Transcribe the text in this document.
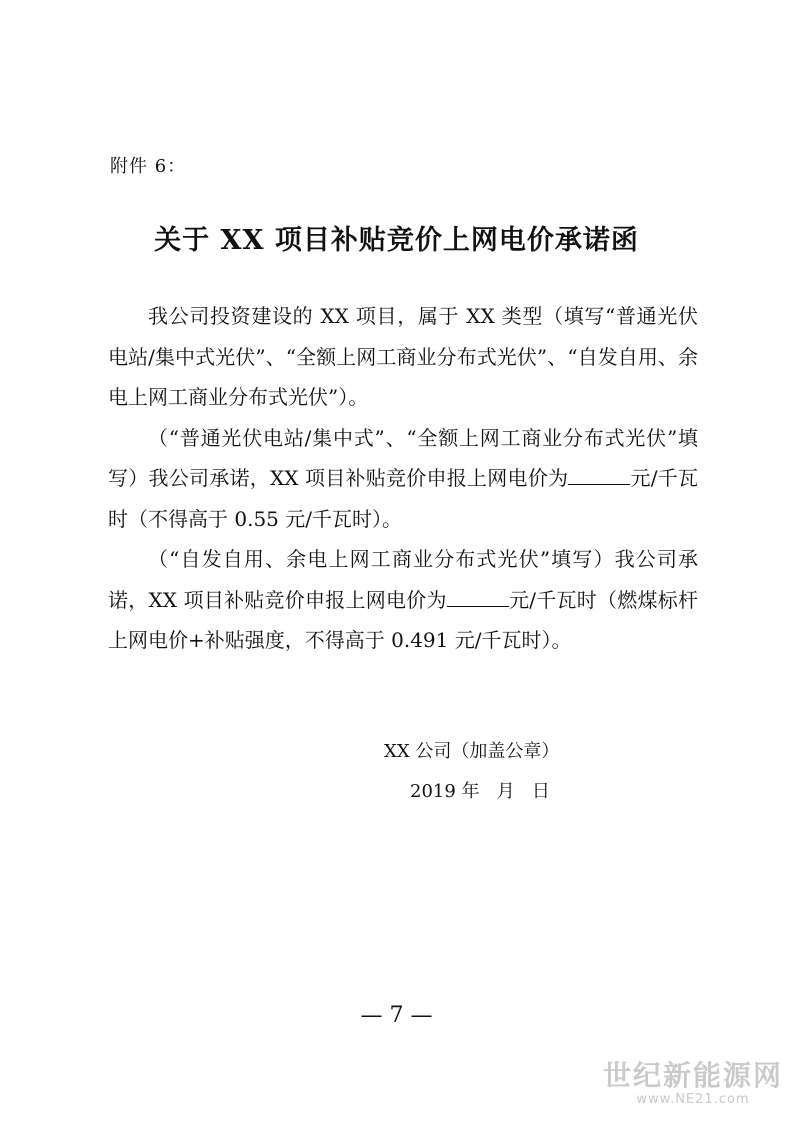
附件 6：
关于 XX 项目补贴竞价上网电价承诺函

我公司投资建设的 XX 项目，属于 XX 类型（填写“普通光伏电站/集中式光伏”、“全额上网工商业分布式光伏”、“自发自用、余电上网工商业分布式光伏”）。

（“普通光伏电站/集中式”、“全额上网工商业分布式光伏”填写）我公司承诺，XX 项目补贴竞价申报上网电价为	元/千瓦时（不得高于 0.55 元/千瓦时）。

（“自发自用、余电上网工商业分布式光伏”填写）我公司承诺，XX 项目补贴竞价申报上网电价为	元/千瓦时（燃煤标杆上网电价+补贴强度，不得高于 0.491 元/千瓦时）。

XX 公司（加盖公章）
2019 年   月   日
— 7 —
世纪新能源网
www.NE21.com
